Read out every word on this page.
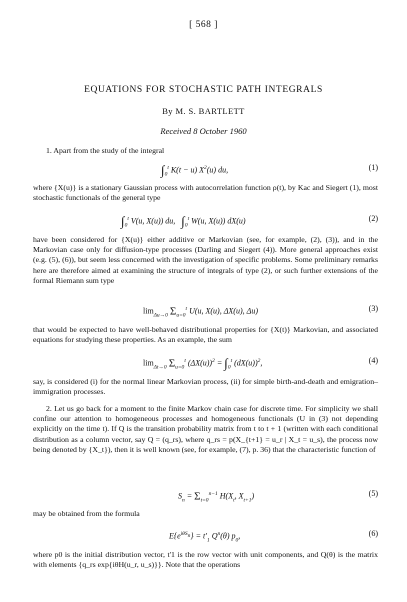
[ 568 ]
EQUATIONS FOR STOCHASTIC PATH INTEGRALS
By M. S. BARTLETT
Received 8 October 1960
1. Apart from the study of the integral
$\int_0^t$ K(t − u) $X^2(u)$ du,	(1)
where {X(u)} is a stationary Gaussian process with autocorrelation function ρ(t), by Kac and Siegert (1), most stochastic functionals of the general type
$\int_0^t$ V(u, X(u)) du,   $\int_0^t$ W(u, X(u)) dX(u)	(2)
have been considered for {X(u)} either additive or Markovian (see, for example, (2), (3)), and in the Markovian case only for diffusion-type processes (Darling and Siegert (4)). More general approaches exist (e.g. (5), (6)), but seem less concerned with the investigation of specific problems. Some preliminary remarks here are therefore aimed at examining the structure of integrals of type (2), or such further extensions of the formal Riemann sum type
$\lim_{\Delta u\to 0} \Sigma_{u=0}^t$ U(u, X(u), ΔX(u), Δu)	(3)
that would be expected to have well-behaved distributional properties for {X(t)} Markovian, and associated equations for studying these properties. As an example, the sum
$\lim_{\Delta t\to 0} \Sigma_{u=0}^t$ $(\Delta X(u))^2 = \int_0^t$ $(dX(u))^2$,	(4)
say, is considered (i) for the normal linear Markovian process, (ii) for simple birth-and-death and emigration–immigration processes.
2. Let us go back for a moment to the finite Markov chain case for discrete time. For simplicity we shall confine our attention to homogeneous processes and homogeneous functionals (U in (3) not depending explicitly on the time t). If Q is the transition probability matrix from t to t + 1 (written with each conditional distribution as a column vector, say Q = (q_rs), where q_rs = p(X_{t+1} = u_r | X_t = u_s), the process now being denoted by {X_t}), then it is well known (see, for example, (7), p. 36) that the characteristic function of
$S_n = \Sigma_{t=0}^{n-1}$ $H(X_t$, $X_{t+1}$)	(5)
may be obtained from the formula
$E\{e^{i\theta S_n}\} = t'_1$ $Q^n(\theta)$ $p_0$,	(6)
where p0 is the initial distribution vector, t'1 is the row vector with unit components, and Q(θ) is the matrix with elements {q_rs exp{iθH(u_r, u_s)}}. Note that the operations
